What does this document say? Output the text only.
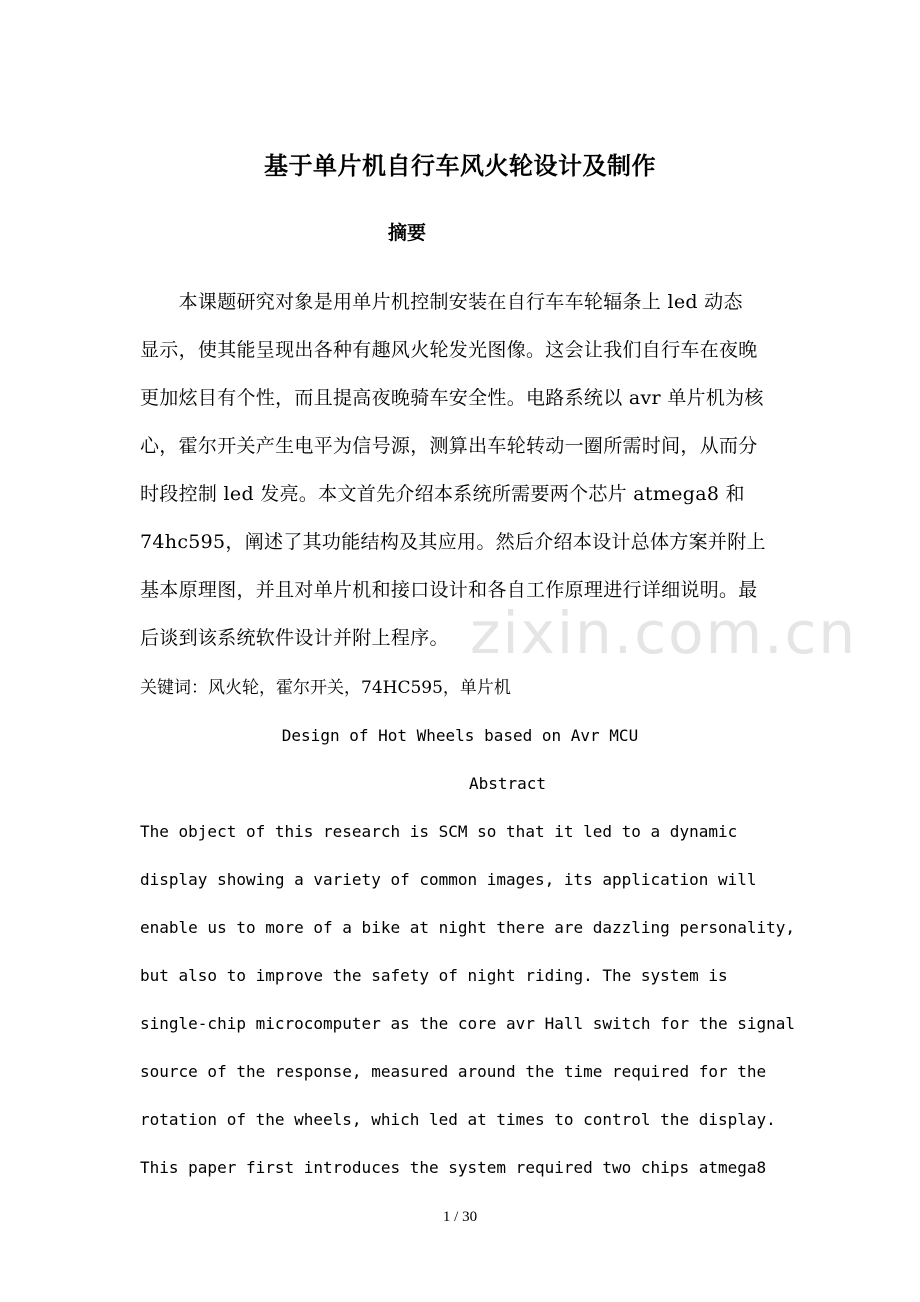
基于单片机自行车风火轮设计及制作
摘要
　　本课题研究对象是用单片机控制安装在自行车车轮辐条上 led 动态
显示，使其能呈现出各种有趣风火轮发光图像。这会让我们自行车在夜晚
更加炫目有个性，而且提高夜晚骑车安全性。电路系统以 avr 单片机为核
心，霍尔开关产生电平为信号源，测算出车轮转动一圈所需时间，从而分
时段控制 led 发亮。本文首先介绍本系统所需要两个芯片 atmega8 和
74hc595，阐述了其功能结构及其应用。然后介绍本设计总体方案并附上
基本原理图，并且对单片机和接口设计和各自工作原理进行详细说明。最
后谈到该系统软件设计并附上程序。
关键词：风火轮，霍尔开关，74HC595，单片机
Design of Hot Wheels based on Avr MCU
Abstract
The object of this research is SCM so that it led to a dynamic
display showing a variety of common images, its application will
enable us to more of a bike at night there are dazzling personality,
but also to improve the safety of night riding. The system is
single-chip microcomputer as the core avr Hall switch for the signal
source of the response, measured around the time required for the
rotation of the wheels, which led at times to control the display.
This paper first introduces the system required two chips atmega8
zixin.com.cn
1 / 30
